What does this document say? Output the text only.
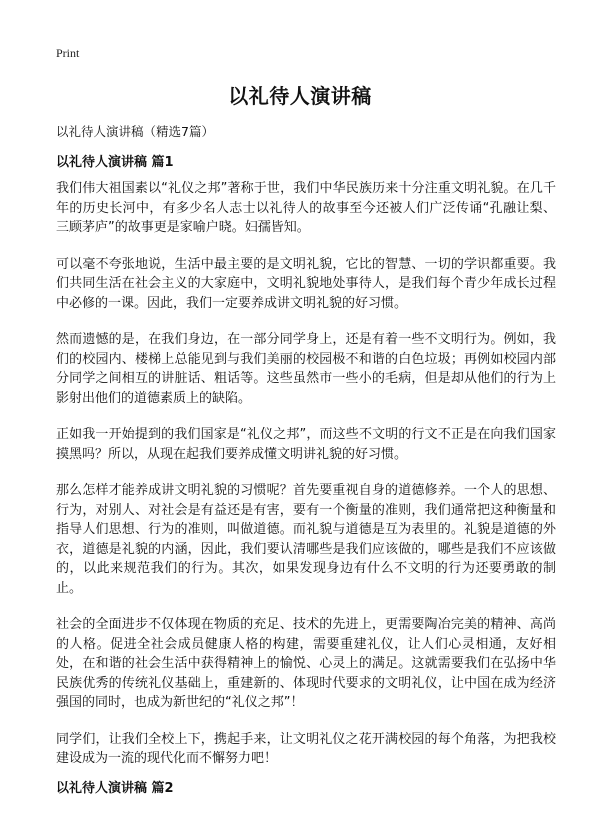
Print
以礼待人演讲稿

以礼待人演讲稿（精选7篇）

以礼待人演讲稿 篇1

我们伟大祖国素以“礼仪之邦”著称于世，我们中华民族历来十分注重文明礼貌。在几千年的历史长河中，有多少名人志士以礼待人的故事至今还被人们广泛传诵“孔融让梨、三顾茅庐”的故事更是家喻户晓。妇孺皆知。

可以毫不夸张地说，生活中最主要的是文明礼貌，它比的智慧、一切的学识都重要。我们共同生活在社会主义的大家庭中，文明礼貌地处事待人，是我们每个青少年成长过程中必修的一课。因此，我们一定要养成讲文明礼貌的好习惯。

然而遗憾的是，在我们身边，在一部分同学身上，还是有着一些不文明行为。例如，我们的校园内、楼梯上总能见到与我们美丽的校园极不和谐的白色垃圾；再例如校园内部分同学之间相互的讲脏话、粗话等。这些虽然市一些小的毛病，但是却从他们的行为上影射出他们的道德素质上的缺陷。

正如我一开始提到的我们国家是“礼仪之邦”，而这些不文明的行文不正是在向我们国家摸黑吗？所以，从现在起我们要养成懂文明讲礼貌的好习惯。

那么怎样才能养成讲文明礼貌的习惯呢？首先要重视自身的道德修养。一个人的思想、行为，对别人、对社会是有益还是有害，要有一个衡量的准则，我们通常把这种衡量和指导人们思想、行为的准则，叫做道德。而礼貌与道德是互为表里的。礼貌是道德的外衣，道德是礼貌的内涵，因此，我们要认清哪些是我们应该做的，哪些是我们不应该做的，以此来规范我们的行为。其次，如果发现身边有什么不文明的行为还要勇敢的制止。

社会的全面进步不仅体现在物质的充足、技术的先进上，更需要陶冶完美的精神、高尚的人格。促进全社会成员健康人格的构建，需要重建礼仪，让人们心灵相通，友好相处，在和谐的社会生活中获得精神上的愉悦、心灵上的满足。这就需要我们在弘扬中华民族优秀的传统礼仪基础上，重建新的、体现时代要求的文明礼仪，让中国在成为经济强国的同时，也成为新世纪的“礼仪之邦”！

同学们，让我们全校上下，携起手来，让文明礼仪之花开满校园的每个角落，为把我校建设成为一流的现代化而不懈努力吧！

以礼待人演讲稿 篇2
